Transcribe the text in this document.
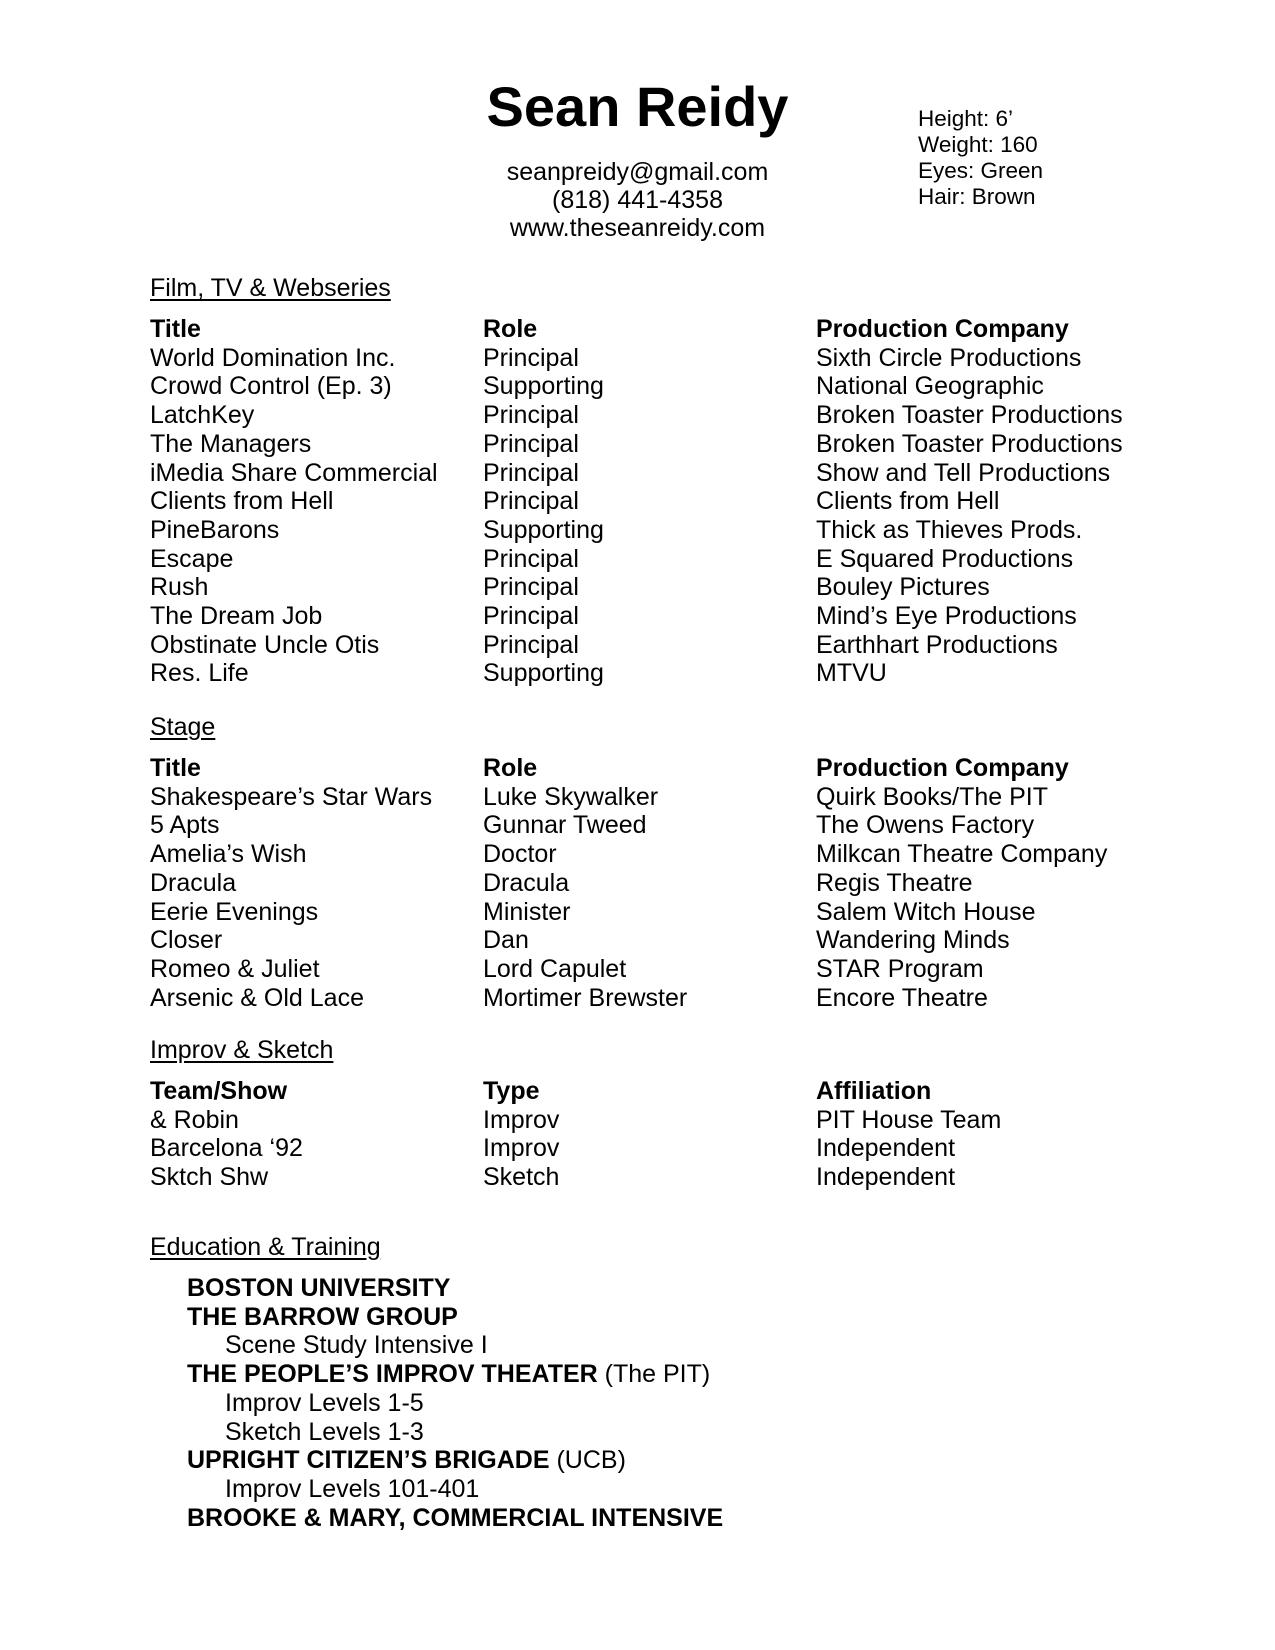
Sean Reidy
seanpreidy@gmail.com
(818) 441-4358
www.theseanreidy.com
Height: 6’
Weight: 160
Eyes: Green
Hair: Brown
Film, TV & Webseries
Title
World Domination Inc.
Crowd Control (Ep. 3)
LatchKey
The Managers
iMedia Share Commercial
Clients from Hell
PineBarons
Escape
Rush
The Dream Job
Obstinate Uncle Otis
Res. Life
Role
Principal
Supporting
Principal
Principal
Principal
Principal
Supporting
Principal
Principal
Principal
Principal
Supporting
Production Company
Sixth Circle Productions
National Geographic
Broken Toaster Productions
Broken Toaster Productions
Show and Tell Productions
Clients from Hell
Thick as Thieves Prods.
E Squared Productions
Bouley Pictures
Mind’s Eye Productions
Earthhart Productions
MTVU
Stage
Title
Shakespeare’s Star Wars
5 Apts
Amelia’s Wish
Dracula
Eerie Evenings
Closer
Romeo & Juliet
Arsenic & Old Lace
Role
Luke Skywalker
Gunnar Tweed
Doctor
Dracula
Minister
Dan
Lord Capulet
Mortimer Brewster
Production Company
Quirk Books/The PIT
The Owens Factory
Milkcan Theatre Company
Regis Theatre
Salem Witch House
Wandering Minds
STAR Program
Encore Theatre
Improv & Sketch
Team/Show
& Robin
Barcelona ‘92
Sktch Shw
Type
Improv
Improv
Sketch
Affiliation
PIT House Team
Independent
Independent
Education & Training
BOSTON UNIVERSITY
THE BARROW GROUP
Scene Study Intensive I
THE PEOPLE’S IMPROV THEATER (The PIT)
Improv Levels 1-5
Sketch Levels 1-3
UPRIGHT CITIZEN’S BRIGADE (UCB)
Improv Levels 101-401
BROOKE & MARY, COMMERCIAL INTENSIVE
